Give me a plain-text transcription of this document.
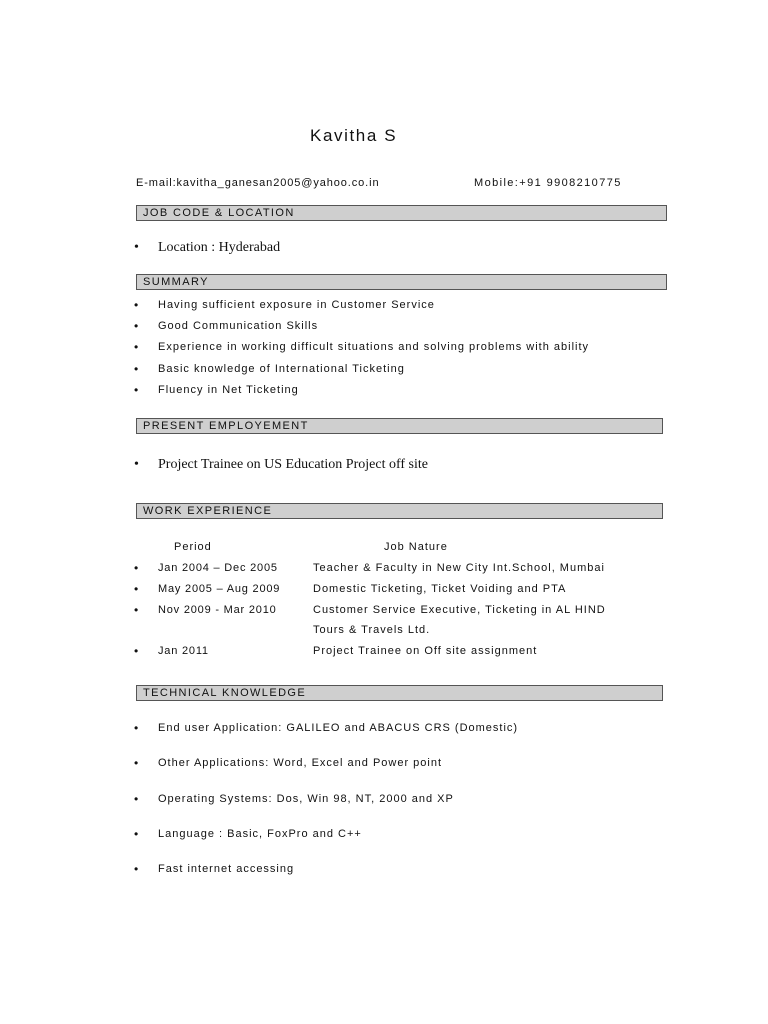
Kavitha S
E-mail:kavitha_ganesan2005@yahoo.co.in	Mobile:+91 9908210775
JOB CODE & LOCATION
• Location : Hyderabad
SUMMARY
• Having sufficient exposure in Customer Service
• Good Communication Skills
• Experience in working difficult situations and solving problems with ability
• Basic knowledge of International Ticketing
• Fluency in Net Ticketing
PRESENT EMPLOYEMENT
• Project Trainee on US Education Project off site
WORK EXPERIENCE
Period	Job Nature
• Jan 2004 – Dec 2005	Teacher & Faculty in New City Int.School, Mumbai
• May 2005 – Aug 2009	Domestic Ticketing, Ticket Voiding and PTA
• Nov 2009 - Mar 2010	Customer Service Executive, Ticketing in AL HIND
Tours & Travels Ltd.
• Jan 2011	Project Trainee on Off site assignment
TECHNICAL KNOWLEDGE
• End user Application: GALILEO and ABACUS CRS (Domestic)
• Other Applications: Word, Excel and Power point
• Operating Systems: Dos, Win 98, NT, 2000 and XP
• Language : Basic, FoxPro and C++
• Fast internet accessing
